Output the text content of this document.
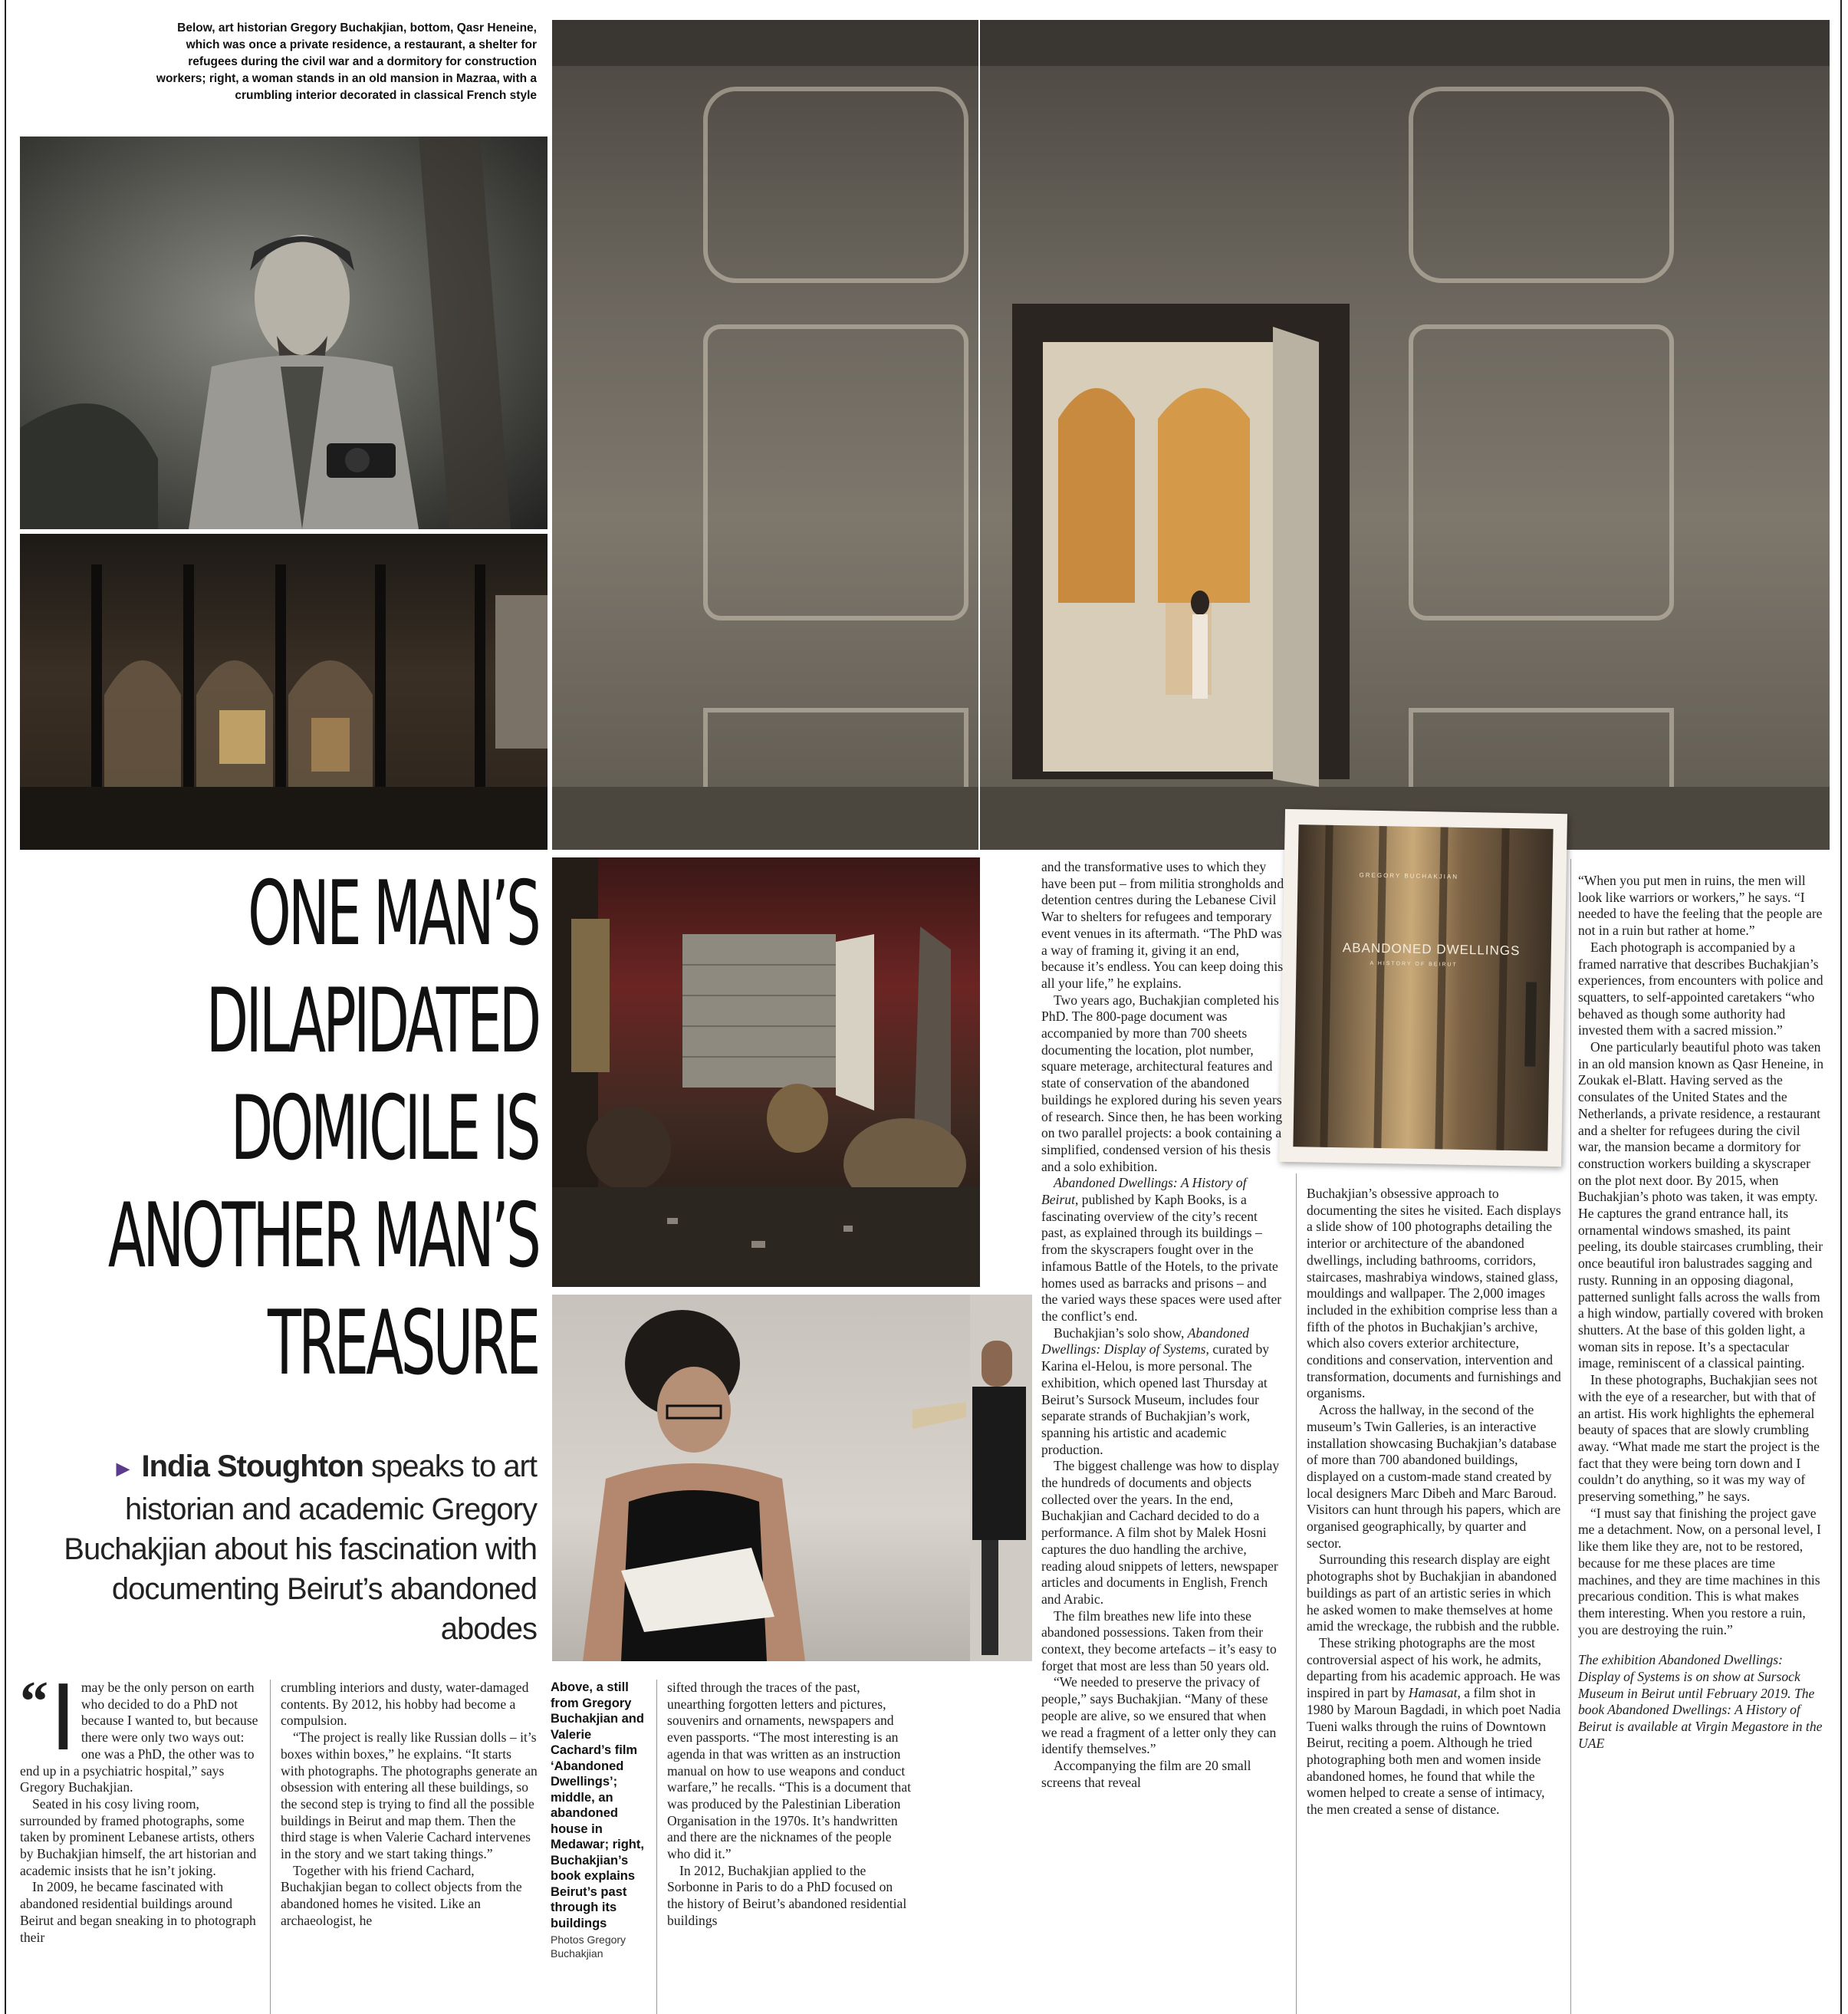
Below, art historian Gregory Buchakjian, bottom, Qasr Heneine, which was once a private residence, a restaurant, a shelter for refugees during the civil war and a dormitory for construction workers; right, a woman stands in an old mansion in Mazraa, with a crumbling interior decorated in classical French style
ONE MAN’S
DILAPIDATED
DOMICILE IS
ANOTHER MAN’S
TREASURE
► India Stoughton speaks to art historian and academic Gregory Buchakjian about his fascination with documenting Beirut’s abandoned abodes
GREGORY BUCHAKJIAN
ABANDONED DWELLINGS
A HISTORY OF BEIRUT

“ I may be the only person on earth who decided to do a PhD not because I wanted to, but because there were only two ways out: one was a PhD, the other was to end up in a psychiatric hospital,” says Gregory Buchakjian.

Seated in his cosy living room, surrounded by framed photographs, some taken by prominent Lebanese artists, others by Buchakjian himself, the art historian and academic insists that he isn’t joking.

In 2009, he became fascinated with abandoned residential buildings around Beirut and began sneaking in to photograph their

crumbling interiors and dusty, water-damaged contents. By 2012, his hobby had become a compulsion.

“The project is really like Russian dolls – it’s boxes within boxes,” he explains. “It starts with photographs. The photographs generate an obsession with entering all these buildings, so the second step is trying to find all the possible buildings in Beirut and map them. Then the third stage is when Valerie Cachard intervenes in the story and we start taking things.”

Together with his friend Cachard, Buchakjian began to collect objects from the abandoned homes he visited. Like an archaeologist, he

Above, a still from Gregory Buchakjian and Valerie Cachard’s film ‘Abandoned Dwellings’; middle, an abandoned house in Medawar; right, Buchakjian’s book explains Beirut’s past through its buildings
Photos Gregory Buchakjian

sifted through the traces of the past, unearthing forgotten letters and pictures, souvenirs and ornaments, newspapers and even passports. “The most interesting is an agenda in that was written as an instruction manual on how to use weapons and conduct warfare,” he recalls. “This is a document that was produced by the Palestinian Liberation Organisation in the 1970s. It’s handwritten and there are the nicknames of the people who did it.”

In 2012, Buchakjian applied to the Sorbonne in Paris to do a PhD focused on the history of Beirut’s abandoned residential buildings

and the transformative uses to which they have been put – from militia strongholds and detention centres during the Lebanese Civil War to shelters for refugees and temporary event venues in its aftermath. “The PhD was a way of framing it, giving it an end, because it’s endless. You can keep doing this all your life,” he explains.

Two years ago, Buchakjian completed his PhD. The 800-page document was accompanied by more than 700 sheets documenting the location, plot number, square meterage, architectural features and state of conservation of the abandoned buildings he explored during his seven years of research. Since then, he has been working on two parallel projects: a book containing a simplified, condensed version of his thesis and a solo exhibition.

Abandoned Dwellings: A History of Beirut, published by Kaph Books, is a fascinating overview of the city’s recent past, as explained through its buildings – from the skyscrapers fought over in the infamous Battle of the Hotels, to the private homes used as barracks and prisons – and the varied ways these spaces were used after the conflict’s end.

Buchakjian’s solo show, Abandoned Dwellings: Display of Systems, curated by Karina el-Helou, is more personal. The exhibition, which opened last Thursday at Beirut’s Sursock Museum, includes four separate strands of Buchakjian’s work, spanning his artistic and academic production.

The biggest challenge was how to display the hundreds of documents and objects collected over the years. In the end, Buchakjian and Cachard decided to do a performance. A film shot by Malek Hosni captures the duo handling the archive, reading aloud snippets of letters, newspaper articles and documents in English, French and Arabic.

The film breathes new life into these abandoned possessions. Taken from their context, they become artefacts – it’s easy to forget that most are less than 50 years old.

“We needed to preserve the privacy of people,” says Buchakjian. “Many of these people are alive, so we ensured that when we read a fragment of a letter only they can identify themselves.”

Accompanying the film are 20 small screens that reveal

Buchakjian’s obsessive approach to documenting the sites he visited. Each displays a slide show of 100 photographs detailing the interior or architecture of the abandoned dwellings, including bathrooms, corridors, staircases, mashrabiya windows, stained glass, mouldings and wallpaper. The 2,000 images included in the exhibition comprise less than a fifth of the photos in Buchakjian’s archive, which also covers exterior architecture, conditions and conservation, intervention and transformation, documents and furnishings and organisms.

Across the hallway, in the second of the museum’s Twin Galleries, is an interactive installation showcasing Buchakjian’s database of more than 700 abandoned buildings, displayed on a custom-made stand created by local designers Marc Dibeh and Marc Baroud. Visitors can hunt through his papers, which are organised geographically, by quarter and sector.

Surrounding this research display are eight photographs shot by Buchakjian in abandoned buildings as part of an artistic series in which he asked women to make themselves at home amid the wreckage, the rubbish and the rubble.

These striking photographs are the most controversial aspect of his work, he admits, departing from his academic approach. He was inspired in part by Hamasat, a film shot in 1980 by Maroun Bagdadi, in which poet Nadia Tueni walks through the ruins of Downtown Beirut, reciting a poem. Although he tried photographing both men and women inside abandoned homes, he found that while the women helped to create a sense of intimacy, the men created a sense of distance.

“When you put men in ruins, the men will look like warriors or workers,” he says. “I needed to have the feeling that the people are not in a ruin but rather at home.”

Each photograph is accompanied by a framed narrative that describes Buchakjian’s experiences, from encounters with police and squatters, to self-appointed caretakers “who behaved as though some authority had invested them with a sacred mission.”

One particularly beautiful photo was taken in an old mansion known as Qasr Heneine, in Zoukak el-Blatt. Having served as the consulates of the United States and the Netherlands, a private residence, a restaurant and a shelter for refugees during the civil war, the mansion became a dormitory for construction workers building a skyscraper on the plot next door. By 2015, when Buchakjian’s photo was taken, it was empty. He captures the grand entrance hall, its ornamental windows smashed, its paint peeling, its double staircases crumbling, their once beautiful iron balustrades sagging and rusty. Running in an opposing diagonal, patterned sunlight falls across the walls from a high window, partially covered with broken shutters. At the base of this golden light, a woman sits in repose. It’s a spectacular image, reminiscent of a classical painting.

In these photographs, Buchakjian sees not with the eye of a researcher, but with that of an artist. His work highlights the ephemeral beauty of spaces that are slowly crumbling away. “What made me start the project is the fact that they were being torn down and I couldn’t do anything, so it was my way of preserving something,” he says.

“I must say that finishing the project gave me a detachment. Now, on a personal level, I like them like they are, not to be restored, because for me these places are time machines, and they are time machines in this precarious condition. This is what makes them interesting. When you restore a ruin, you are destroying the ruin.”

The exhibition Abandoned Dwellings: Display of Systems is on show at Sursock Museum in Beirut until February 2019. The book Abandoned Dwellings: A History of Beirut is available at Virgin Megastore in the UAE
